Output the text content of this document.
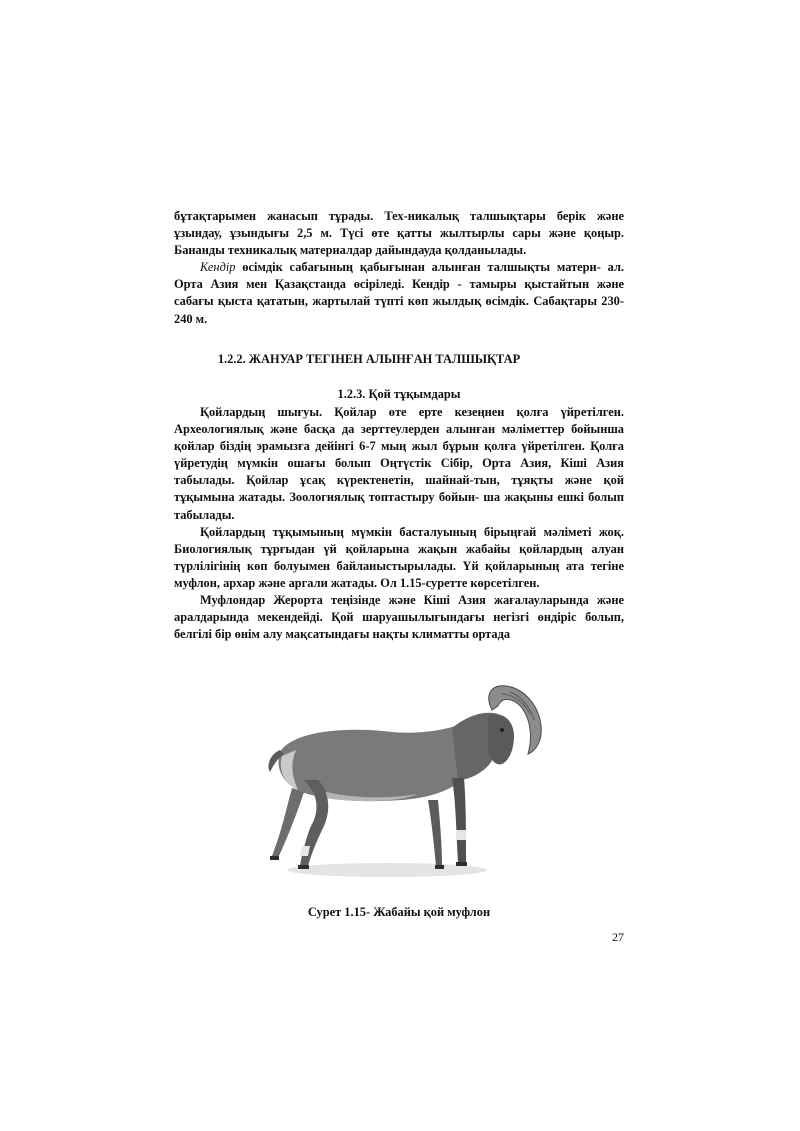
бұтақтарымен жанасып тұрады. Тех-никалық талшықтары берік және ұзындау, ұзындығы 2,5 м. Түсі өте қатты жылтырлы сары және қоңыр. Бананды техникалық материалдар дайындауда қолданылады.

Кендір өсімдік сабағының қабығынан алынған талшықты матери- ал. Орта Азия мен Қазақстанда өсіріледі. Кендір - тамыры қыстайтын және сабағы қыста қататын, жартылай түпті көп жылдық өсімдік. Сабақтары 230-240 м.

1.2.2. ЖАНУАР ТЕГІНЕН АЛЫНҒАН ТАЛШЫҚТАР
1.2.3. Қой тұқымдары

Қойлардың шығуы. Қойлар өте ерте кезеңнен қолға үйретілген. Археологиялық және басқа да зерттеулерден алынған мәліметтер бойынша қойлар біздің эрамызға дейінгі 6-7 мың жыл бұрын қолға үйретілген. Қолға үйретудің мүмкін ошағы болып Оңтүстік Сібір, Орта Азия, Кіші Азия табылады. Қойлар ұсақ күректенетін, шайнай-тын, тұяқты және қой тұқымына жатады. Зоологиялық топтастыру бойын- ша жақыны ешкі болып табылады.

Қойлардың тұқымының мүмкін басталуының бірыңғай мәліметі жоқ. Биологиялық тұрғыдан үй қойларына жақын жабайы қойлардың алуан түрлілігінің көп болуымен байланыстырылады. Үй қойларының ата тегіне муфлон, архар және аргали жатады. Ол 1.15-суретте көрсетілген.

Муфлондар Жерорта теңізінде және Кіші Азия жағалауларында және аралдарында мекендейді. Қой шаруашылығындағы негізгі өндіріс болып, белгілі бір өнім алу мақсатындағы нақты климатты ортада

Сурет 1.15- Жабайы қой муфлон
27
